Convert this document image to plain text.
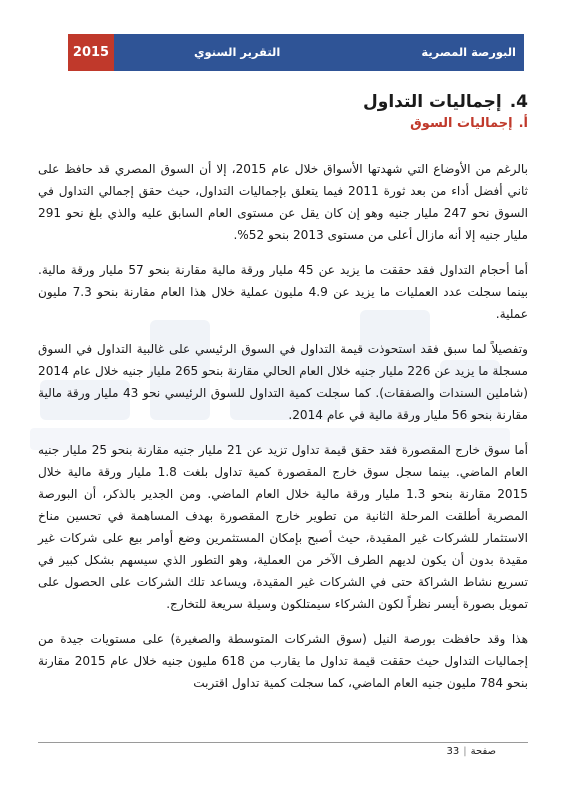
2015	التقرير السنوي	البورصة المصرية
4.
إجماليات التداول
أ.
إجماليات السوق

بالرغم من الأوضاع التي شهدتها الأسواق خلال عام 2015، إلا أن السوق المصري قد حافظ على ثاني أفضل أداء من بعد ثورة 2011 فيما يتعلق بإجماليات التداول، حيث حقق إجمالي التداول في السوق نحو 247 مليار جنيه وهو إن كان يقل عن مستوى العام السابق عليه والذي بلغ نحو 291 مليار جنيه إلا أنه مازال أعلى من مستوى 2013 بنحو 52%.

أما أحجام التداول فقد حققت ما يزيد عن 45 مليار ورقة مالية مقارنة بنحو 57 مليار ورقة مالية. بينما سجلت عدد العمليات ما يزيد عن 4.9 مليون عملية خلال هذا العام مقارنة بنحو 7.3 مليون عملية.

وتفصيلاً لما سبق فقد استحوذت قيمة التداول في السوق الرئيسي على غالبية التداول في السوق مسجلة ما يزيد عن 226 مليار جنيه خلال العام الحالي مقارنة بنحو 265 مليار جنيه خلال عام 2014 (شاملين السندات والصفقات). كما سجلت كمية التداول للسوق الرئيسي نحو 43 مليار ورقة مالية مقارنة بنحو 56 مليار ورقة مالية في عام 2014.

أما سوق خارج المقصورة فقد حقق قيمة تداول تزيد عن 21 مليار جنيه مقارنة بنحو 25 مليار جنيه العام الماضي. بينما سجل سوق خارج المقصورة كمية تداول بلغت 1.8 مليار ورقة مالية خلال 2015 مقارنة بنحو 1.3 مليار ورقة مالية خلال العام الماضي. ومن الجدير بالذكر، أن البورصة المصرية أطلقت المرحلة الثانية من تطوير خارج المقصورة بهدف المساهمة في تحسين مناخ الاستثمار للشركات غير المقيدة، حيث أصبح بإمكان المستثمرين وضع أوامر بيع على شركات غير مقيدة بدون أن يكون لديهم الطرف الآخر من العملية، وهو التطور الذي سيسهم بشكل كبير في تسريع نشاط الشراكة حتى في الشركات غير المقيدة، ويساعد تلك الشركات على الحصول على تمويل بصورة أيسر نظراً لكون الشركاء سيمتلكون وسيلة سريعة للتخارج.

هذا وقد حافظت بورصة النيل (سوق الشركات المتوسطة والصغيرة) على مستويات جيدة من إجماليات التداول حيث حققت قيمة تداول ما يقارب من 618 مليون جنيه خلال عام 2015 مقارنة بنحو 784 مليون جنيه العام الماضي، كما سجلت كمية تداول اقتربت

صفحة
|
33
